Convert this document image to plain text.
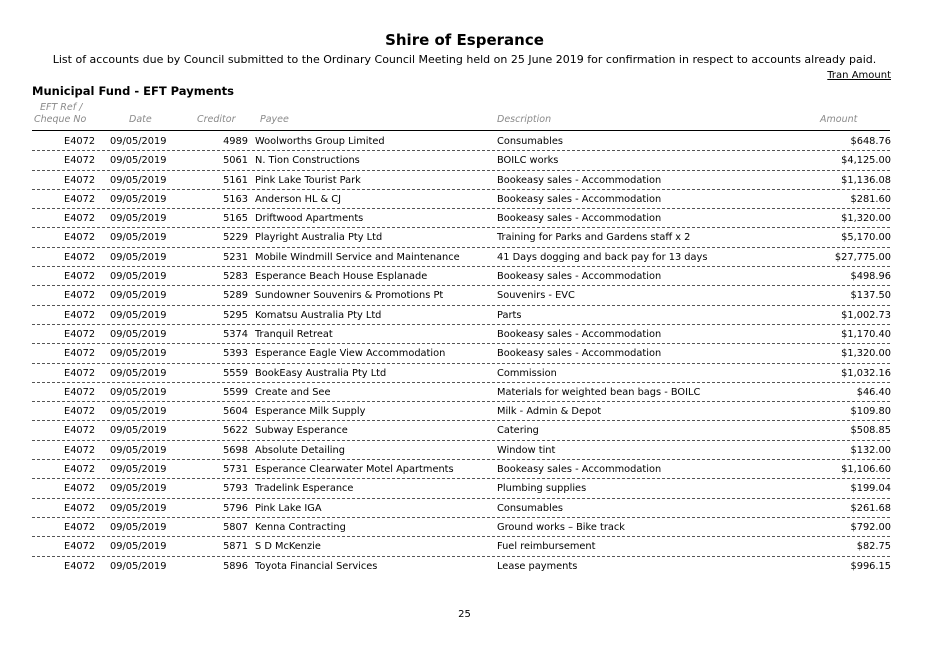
Shire of Esperance
List of accounts due by Council submitted to the Ordinary Council Meeting held on 25 June 2019 for confirmation in respect to accounts already paid.
Tran Amount
Municipal Fund - EFT Payments
EFT Ref /
Cheque No	Date	Creditor	Payee	Description	Amount
E4072 09/05/2019	4989 Woolworths Group Limited	Consumables	$648.76
E4072 09/05/2019	5061 N. Tion Constructions	BOILC works	$4,125.00
E4072 09/05/2019	5161 Pink Lake Tourist Park	Bookeasy sales - Accommodation	$1,136.08
E4072 09/05/2019	5163 Anderson HL & CJ	Bookeasy sales - Accommodation	$281.60
E4072 09/05/2019	5165 Driftwood Apartments	Bookeasy sales - Accommodation	$1,320.00
E4072 09/05/2019	5229 Playright Australia Pty Ltd	Training for Parks and Gardens staff x 2	$5,170.00
E4072 09/05/2019	5231 Mobile Windmill Service and Maintenance	41 Days dogging and back pay for 13 days	$27,775.00
E4072 09/05/2019	5283 Esperance Beach House Esplanade	Bookeasy sales - Accommodation	$498.96
E4072 09/05/2019	5289 Sundowner Souvenirs & Promotions Pt	Souvenirs - EVC	$137.50
E4072 09/05/2019	5295 Komatsu Australia Pty Ltd	Parts	$1,002.73
E4072 09/05/2019	5374 Tranquil Retreat	Bookeasy sales - Accommodation	$1,170.40
E4072 09/05/2019	5393 Esperance Eagle View Accommodation	Bookeasy sales - Accommodation	$1,320.00
E4072 09/05/2019	5559 BookEasy Australia Pty Ltd	Commission	$1,032.16
E4072 09/05/2019	5599 Create and See	Materials for weighted bean bags - BOILC	$46.40
E4072 09/05/2019	5604 Esperance Milk Supply	Milk - Admin & Depot	$109.80
E4072 09/05/2019	5622 Subway Esperance	Catering	$508.85
E4072 09/05/2019	5698 Absolute Detailing	Window tint	$132.00
E4072 09/05/2019	5731 Esperance Clearwater Motel Apartments	Bookeasy sales - Accommodation	$1,106.60
E4072 09/05/2019	5793 Tradelink Esperance	Plumbing supplies	$199.04
E4072 09/05/2019	5796 Pink Lake IGA	Consumables	$261.68
E4072 09/05/2019	5807 Kenna Contracting	Ground works – Bike track	$792.00
E4072 09/05/2019	5871 S D McKenzie	Fuel reimbursement	$82.75
E4072 09/05/2019	5896 Toyota Financial Services	Lease payments	$996.15
25
